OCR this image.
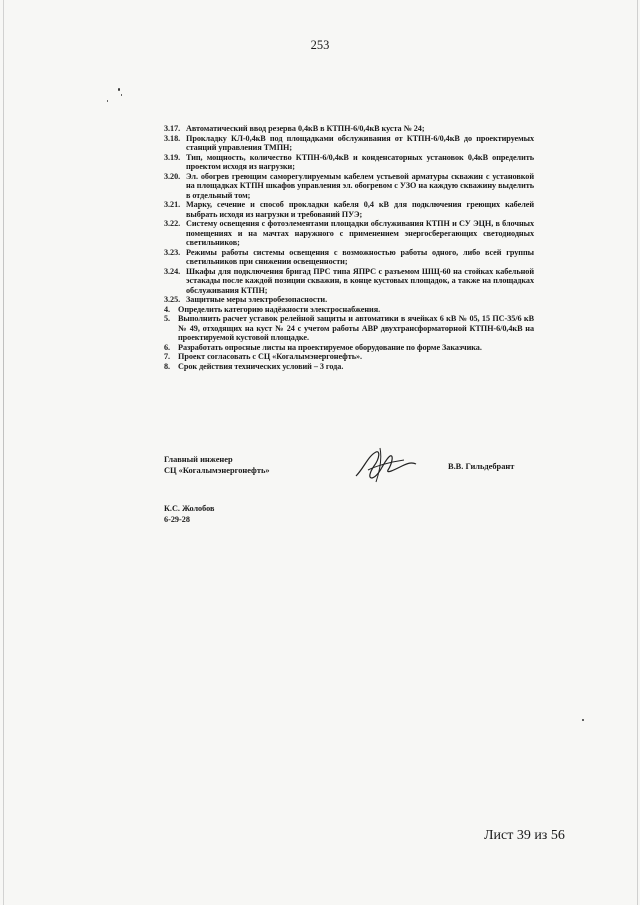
253
3.17. Автоматический ввод резерва 0,4кВ в КТПН-6/0,4кВ куста № 24;
3.18. Прокладку КЛ-0,4кВ под площадками обслуживания от КТПН-6/0,4кВ до проектируемых станций управления ТМПН;
3.19. Тип, мощность, количество КТПН-6/0,4кВ и конденсаторных установок 0,4кВ определить проектом исходя из нагрузки;
3.20. Эл. обогрев греющим саморегулируемым кабелем устьевой арматуры скважин с установкой на площадках КТПН шкафов управления эл. обогревом с УЗО на каждую скважину выделить в отдельный том;
3.21. Марку, сечение и способ прокладки кабеля 0,4 кВ для подключения греющих кабелей выбрать исходя из нагрузки и требований ПУЭ;
3.22. Систему освещения с фотоэлементами площадки обслуживания КТПН и СУ ЭЦН, в блочных помещениях и на мачтах наружного с применением энергосберегающих светодиодных светильников;
3.23. Режимы работы системы освещения с возможностью работы одного, либо всей группы светильников при снижении освещенности;
3.24. Шкафы для подключения бригад ПРС типа ЯПРС с разъемом ШЩ-60 на стойках кабельной эстакады после каждой позиции скважин, в конце кустовых площадок, а также на площадках обслуживания КТПН;
3.25. Защитные меры электробезопасности.
4. Определить категорию надёжности электроснабжения.
5. Выполнить расчет уставок релейной защиты и автоматики в ячейках 6 кВ № 05, 15 ПС-35/6 кВ № 49, отходящих на куст № 24 с учетом работы АВР двухтрансформаторной КТПН-6/0,4кВ на проектируемой кустовой площадке.
6. Разработать опросные листы на проектируемое оборудование по форме Заказчика.
7. Проект согласовать с СЦ «Когалымэнергонефть».
8. Срок действия технических условий – 3 года.
Главный инженер
СЦ «Когалымэнергонефть»	В.В. Гильдебрант
К.С. Жолобов
6-29-28
Лист 39 из 56
